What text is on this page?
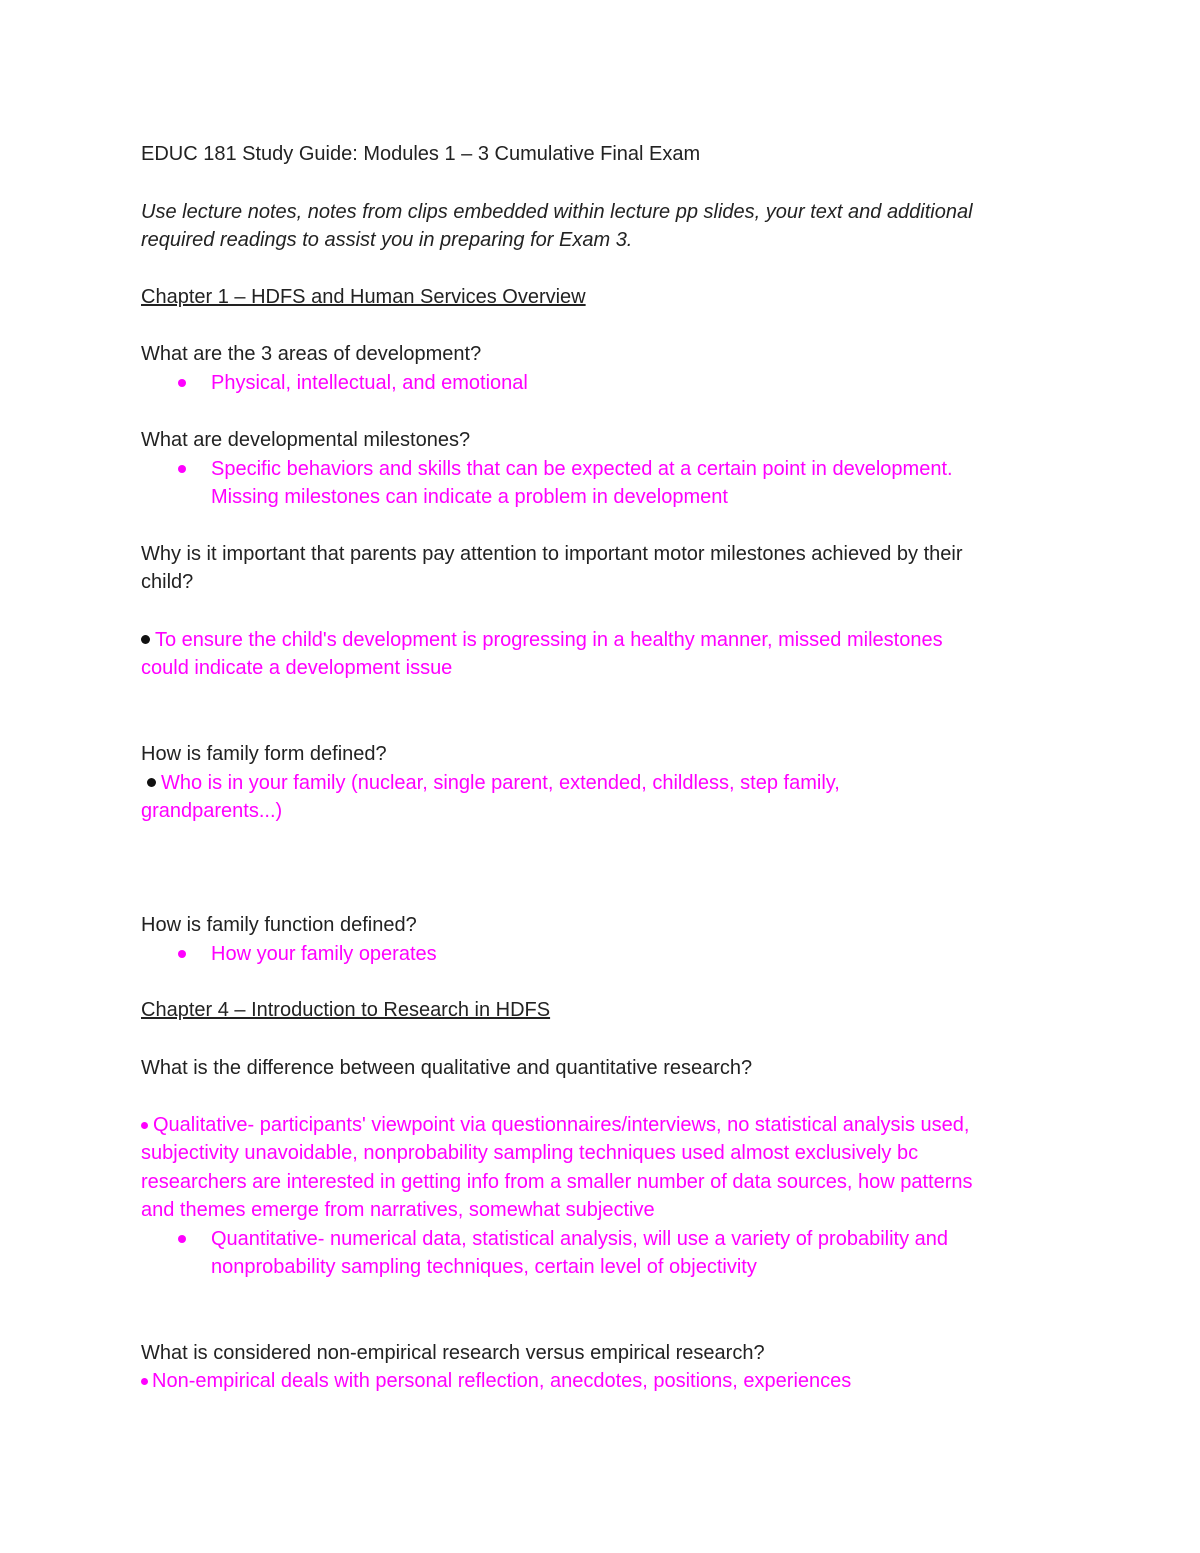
EDUC 181 Study Guide: Modules 1 – 3 Cumulative Final Exam
Use lecture notes, notes from clips embedded within lecture pp slides, your text and additional
required readings to assist you in preparing for Exam 3.
Chapter 1 – HDFS and Human Services Overview
What are the 3 areas of development?
Physical, intellectual, and emotional
What are developmental milestones?
Specific behaviors and skills that can be expected at a certain point in development.
Missing milestones can indicate a problem in development
Why is it important that parents pay attention to important motor milestones achieved by their
child?
To ensure the child's development is progressing in a healthy manner, missed milestones
could indicate a development issue
How is family form defined?
Who is in your family (nuclear, single parent, extended, childless, step family,
grandparents...)
How is family function defined?
How your family operates
Chapter 4 – Introduction to Research in HDFS
What is the difference between qualitative and quantitative research?
Qualitative- participants' viewpoint via questionnaires/interviews, no statistical analysis used,
subjectivity unavoidable, nonprobability sampling techniques used almost exclusively bc
researchers are interested in getting info from a smaller number of data sources, how patterns
and themes emerge from narratives, somewhat subjective
Quantitative- numerical data, statistical analysis, will use a variety of probability and
nonprobability sampling techniques, certain level of objectivity
What is considered non-empirical research versus empirical research?
Non-empirical deals with personal reflection, anecdotes, positions, experiences
